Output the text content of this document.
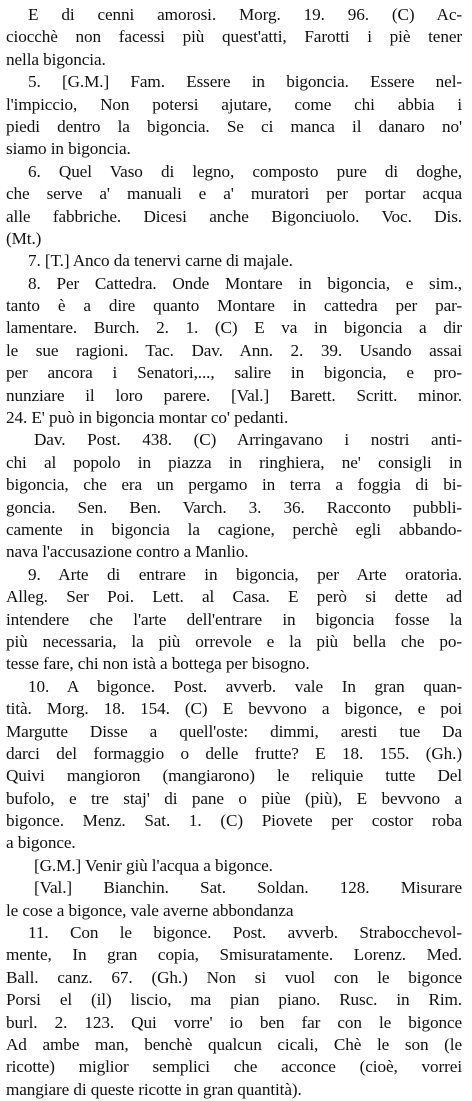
E di cenni amorosi. Morg. 19. 96. (C) Ac-
ciocchè non facessi più quest'atti, Farotti i piè tener
nella bigoncia.
5. [G.M.] Fam. Essere in bigoncia. Essere nel-
l'impiccio, Non potersi ajutare, come chi abbia i
piedi dentro la bigoncia. Se ci manca il danaro no'
siamo in bigoncia.
6. Quel Vaso di legno, composto pure di doghe,
che serve a' manuali e a' muratori per portar acqua
alle fabbriche. Dicesi anche Bigonciuolo. Voc. Dis.
(Mt.)
7. [T.] Anco da tenervi carne di majale.
8. Per Cattedra. Onde Montare in bigoncia, e sim.,
tanto è a dire quanto Montare in cattedra per par-
lamentare. Burch. 2. 1. (C) E va in bigoncia a dir
le sue ragioni. Tac. Dav. Ann. 2. 39. Usando assai
per ancora i Senatori,..., salire in bigoncia, e pro-
nunziare il loro parere. [Val.] Barett. Scritt. minor.
24. E' può in bigoncia montar co' pedanti.
Dav. Post. 438. (C) Arringavano i nostri anti-
chi al popolo in piazza in ringhiera, ne' consigli in
bigoncia, che era un pergamo in terra a foggia di bi-
goncia. Sen. Ben. Varch. 3. 36. Racconto pubbli-
camente in bigoncia la cagione, perchè egli abbando-
nava l'accusazione contro a Manlio.
9. Arte di entrare in bigoncia, per Arte oratoria.
Alleg. Ser Poi. Lett. al Casa. E però si dette ad
intendere che l'arte dell'entrare in bigoncia fosse la
più necessaria, la più orrevole e la più bella che po-
tesse fare, chi non istà a bottega per bisogno.
10. A bigonce. Post. avverb. vale In gran quan-
tità. Morg. 18. 154. (C) E bevvono a bigonce, e poi
Margutte Disse a quell'oste: dimmi, aresti tue Da
darci del formaggio o delle frutte? E 18. 155. (Gh.)
Quivi mangioron (mangiarono) le reliquie tutte Del
bufolo, e tre staj' di pane o piùe (più), E bevvono a
bigonce. Menz. Sat. 1. (C) Piovete per costor roba
a bigonce.
[G.M.] Venir giù l'acqua a bigonce.
[Val.] Bianchin. Sat. Soldan. 128. Misurare
le cose a bigonce, vale averne abbondanza
11. Con le bigonce. Post. avverb. Strabocchevol-
mente, In gran copia, Smisuratamente. Lorenz. Med.
Ball. canz. 67. (Gh.) Non si vuol con le bigonce
Porsi el (il) liscio, ma pian piano. Rusc. in Rim.
burl. 2. 123. Qui vorre' io ben far con le bigonce
Ad ambe man, benchè qualcun cicali, Chè le son (le
ricotte) miglior semplici che acconce (cioè, vorrei
mangiare di queste ricotte in gran quantità).
